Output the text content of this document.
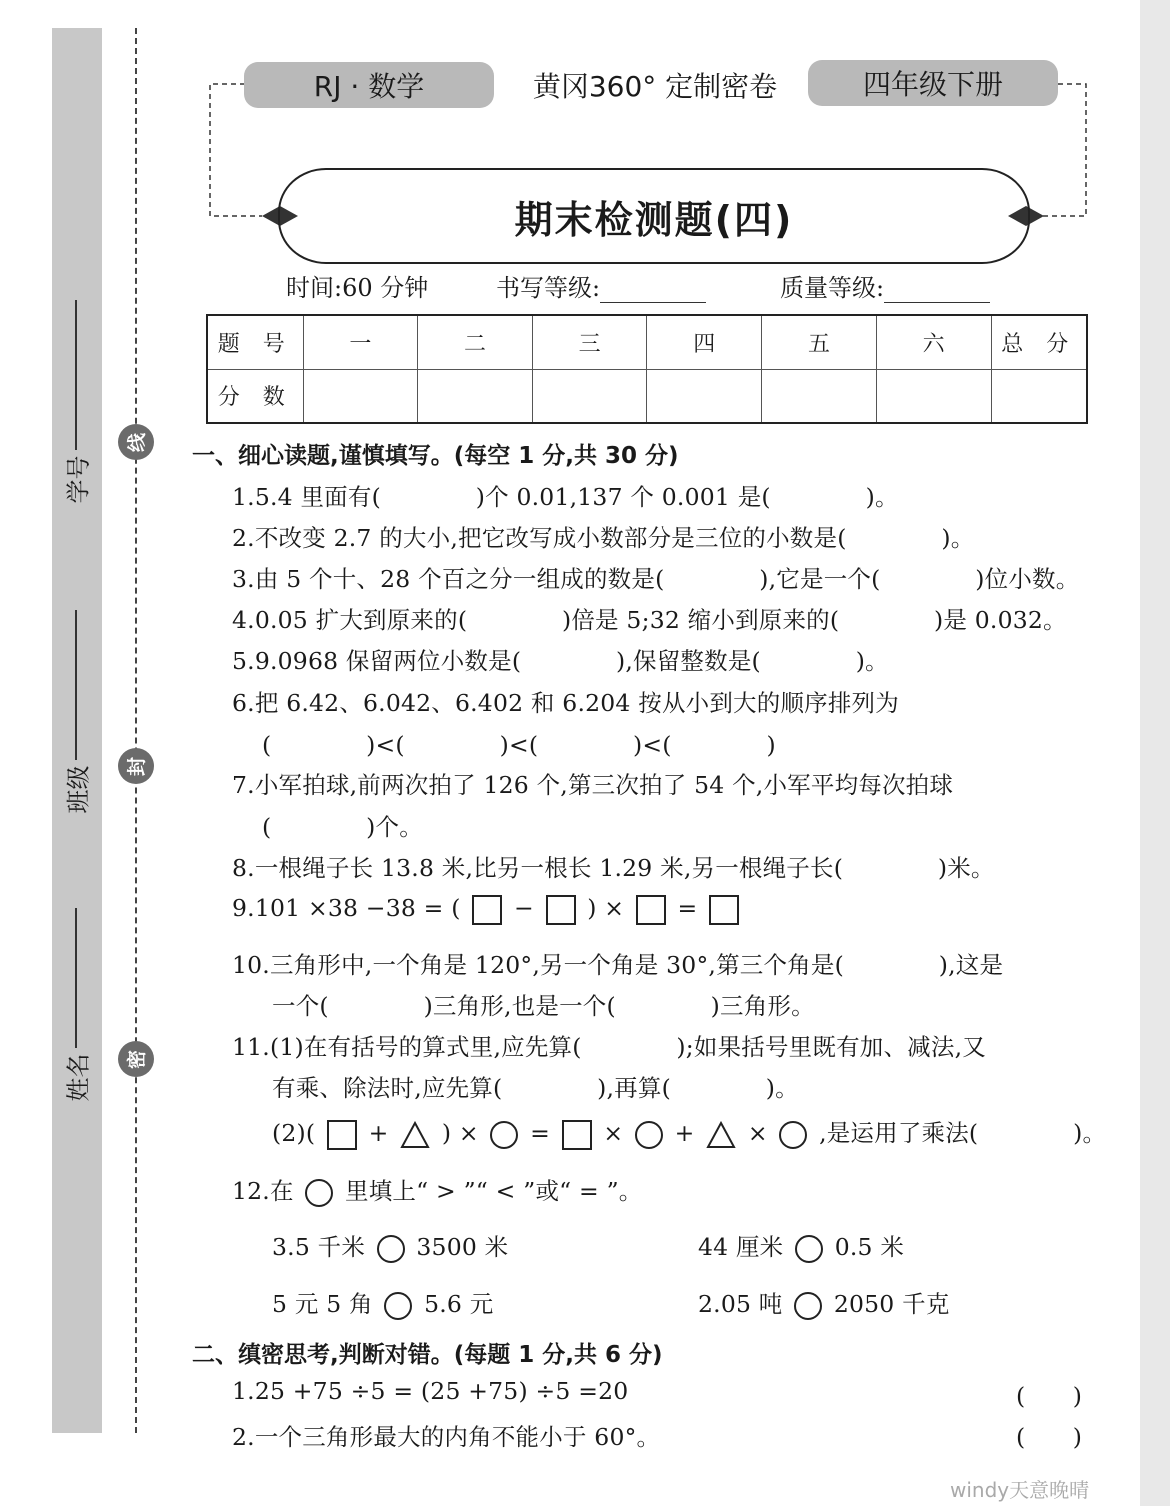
学号
班级
姓名
线
封
密
RJ · 数学	黄冈360° 定制密卷	四年级下册
期末检测题(四)
时间:60 分钟	书写等级:	质量等级:
题 号	一	二	三	四	五	六	总 分
分 数							
一、细心读题,谨慎填写。(每空 1 分,共 30 分)
1.5.4 里面有(　　　　)个 0.01,137 个 0.001 是(　　　　)。
2.不改变 2.7 的大小,把它改写成小数部分是三位的小数是(　　　　)。
3.由 5 个十、28 个百之分一组成的数是(　　　　),它是一个(　　　　)位小数。
4.0.05 扩大到原来的(　　　　)倍是 5;32 缩小到原来的(　　　　)是 0.032。
5.9.0968 保留两位小数是(　　　　),保留整数是(　　　　)。
6.把 6.42、6.042、6.402 和 6.204 按从小到大的顺序排列为
(　　　　)<(　　　　)<(　　　　)<(　　　　)
7.小军拍球,前两次拍了 126 个,第三次拍了 54 个,小军平均每次拍球
(　　　　)个。
8.一根绳子长 13.8 米,比另一根长 1.29 米,另一根绳子长(　　　　)米。
9.101 ×38 −38 = ( − ) × =
10.三角形中,一个角是 120°,另一个角是 30°,第三个角是(　　　　),这是
一个(　　　　)三角形,也是一个(　　　　)三角形。
11.(1)在有括号的算式里,应先算(　　　　);如果括号里既有加、减法,又
有乘、除法时,应先算(　　　　),再算(　　　　)。
(2)( + ) × = × + × ,是运用了乘法(　　　　)。
12.在 里填上“ > ”“ < ”或“ = ”。
3.5 千米 3500 米	44 厘米 0.5 米
5 元 5 角 5.6 元	2.05 吨 2050 千克
二、缜密思考,判断对错。(每题 1 分,共 6 分)
1.25 +75 ÷5 = (25 +75) ÷5 =20	(　　)
2.一个三角形最大的内角不能小于 60°。	(　　)
windy天意晚晴
